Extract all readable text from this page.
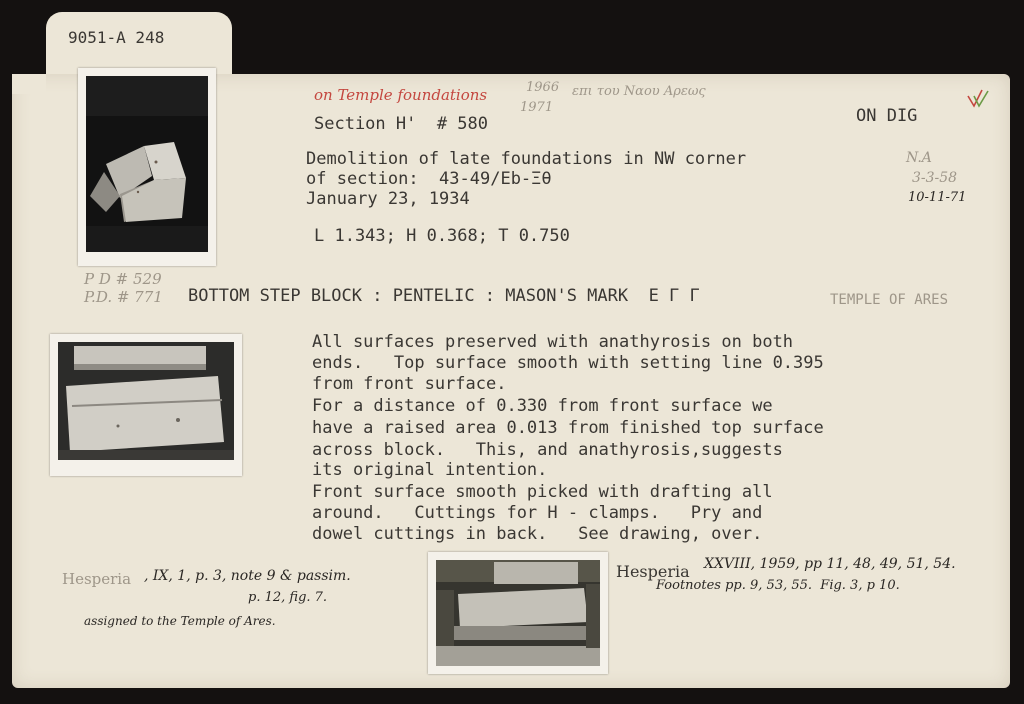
9051-A 248
on Temple foundations	1966
1971
επι του Ναου Αρεως
ON DIG
Section H'  # 580
Demolition of late foundations in NW corner
of section:  43-49/Eb-Ξθ
January 23, 1934
L 1.343; H 0.368; T 0.750
N.A
3-3-58
10-11-71
P D # 529
P.D. # 771 BOTTOM STEP BLOCK : PENTELIC : MASON'S MARK  E Γ Γ	TEMPLE OF ARES
All surfaces preserved with anathyrosis on both
ends.   Top surface smooth with setting line 0.395
from front surface.
For a distance of 0.330 from front surface we
have a raised area 0.013 from finished top surface
across block.   This, and anathyrosis,suggests
its original intention.
Front surface smooth picked with drafting all
around.   Cuttings for H - clamps.   Pry and
dowel cuttings in back.   See drawing, over.
Hesperia , IX, 1, p. 3, note 9 & passim.
p. 12, fig. 7.
assigned to the Temple of Ares.
Hesperia XXVIII, 1959, pp 11, 48, 49, 51, 54.
Footnotes pp. 9, 53, 55.  Fig. 3, p 10.
